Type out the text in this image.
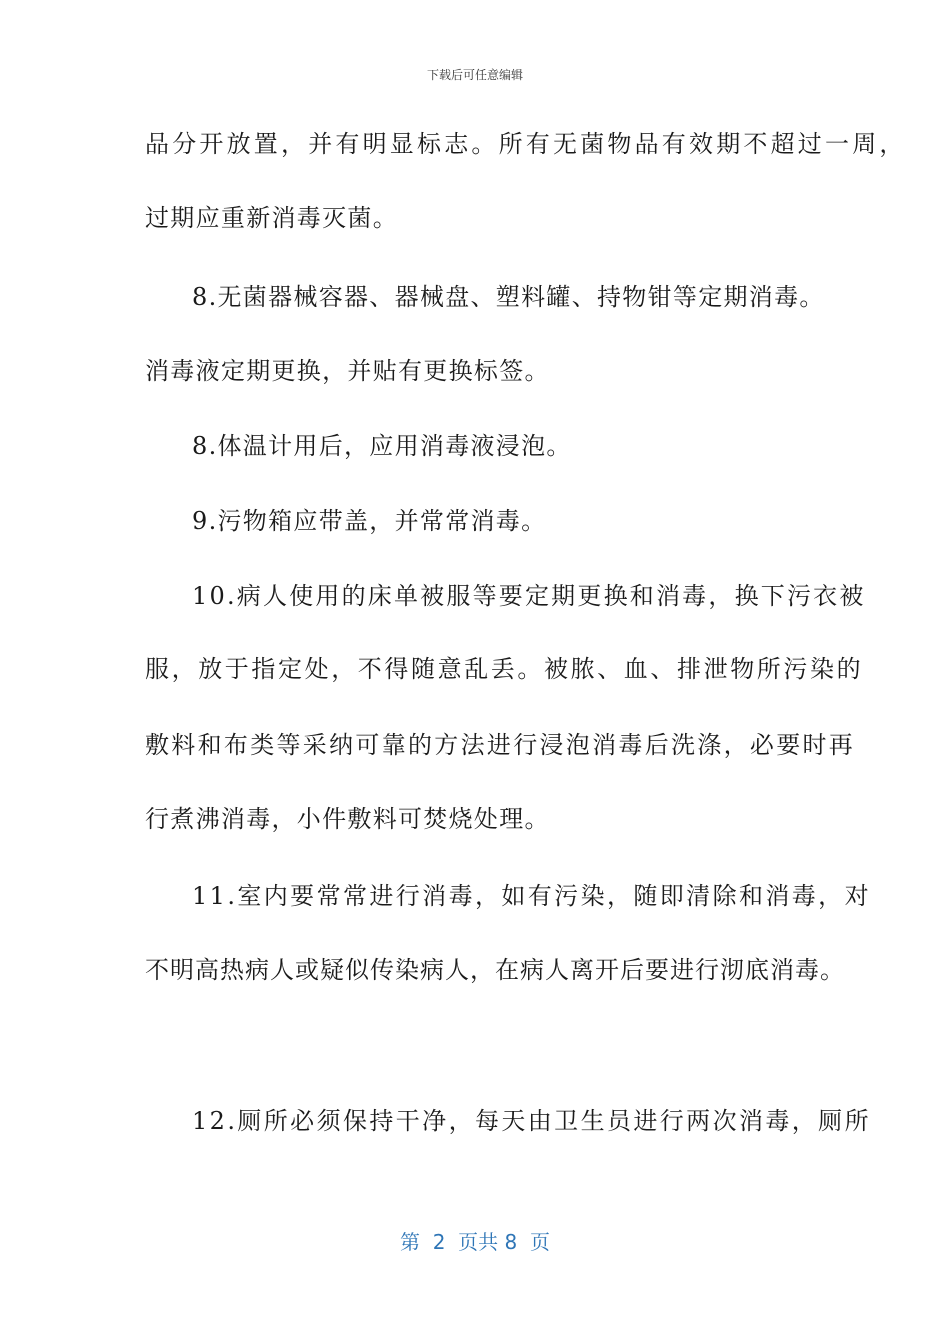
下载后可任意编辑
品分开放置，并有明显标志。所有无菌物品有效期不超过一周，
过期应重新消毒灭菌。
8.无菌器械容器、器械盘、塑料罐、持物钳等定期消毒。
消毒液定期更换，并贴有更换标签。
8.体温计用后，应用消毒液浸泡。
9.污物箱应带盖，并常常消毒。
10.病人使用的床单被服等要定期更换和消毒，换下污衣被
服，放于指定处，不得随意乱丢。被脓、血、排泄物所污染的
敷料和布类等采纳可靠的方法进行浸泡消毒后洗涤，必要时再
行煮沸消毒，小件敷料可焚烧处理。
11.室内要常常进行消毒，如有污染，随即清除和消毒，对
不明高热病人或疑似传染病人，在病人离开后要进行沏底消毒。
12.厕所必须保持干净，每天由卫生员进行两次消毒，厕所
第  2  页共 8  页
